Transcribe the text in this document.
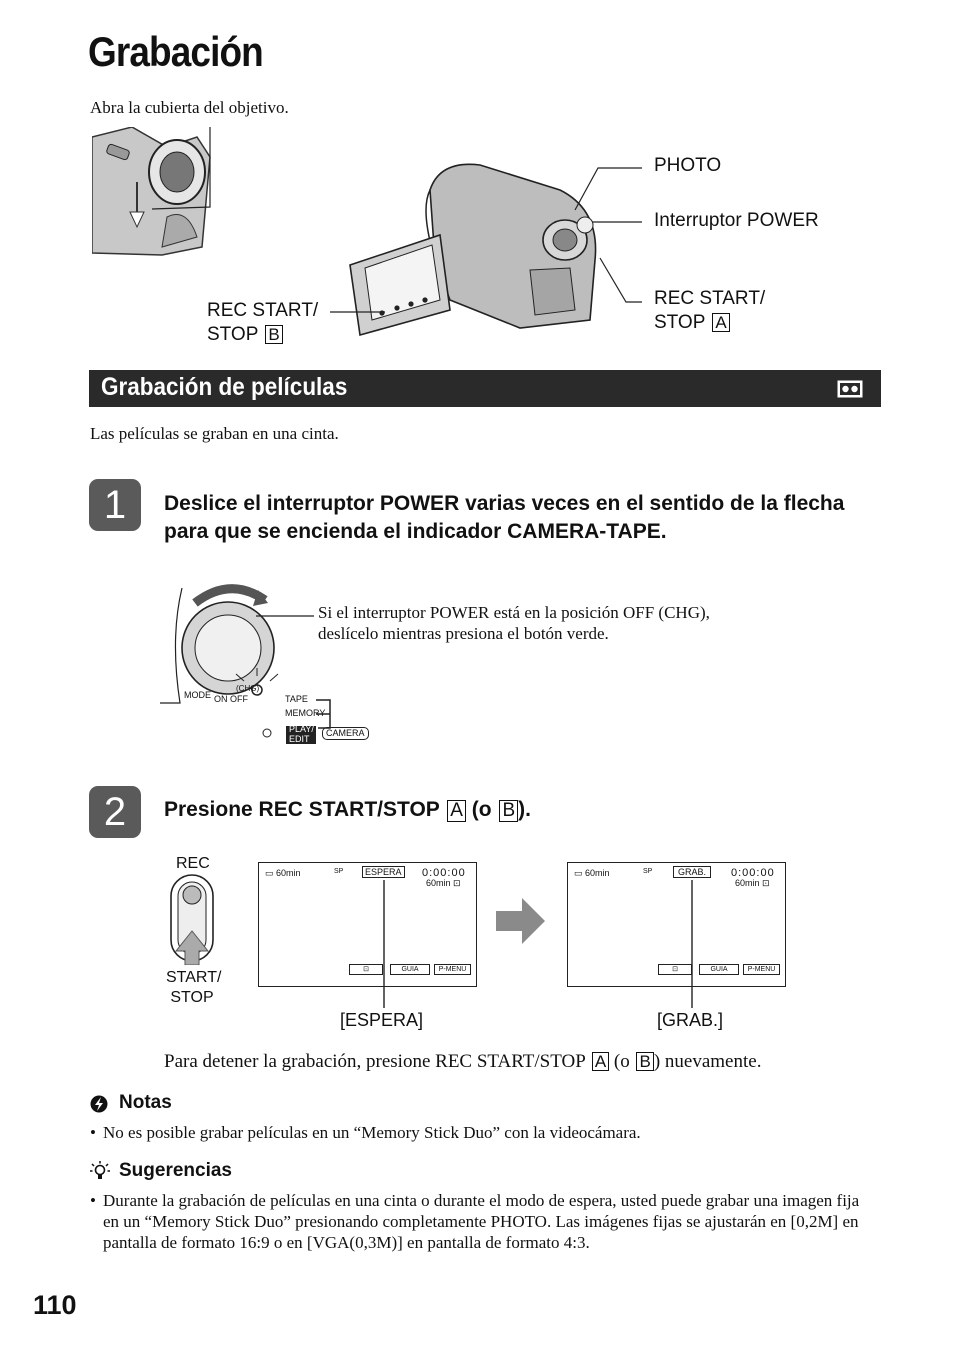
Grabación
Abra la cubierta del objetivo.
PHOTO
Interruptor POWER
REC START/
STOP A
REC START/
STOP B
Grabación de películas
Las películas se graban en una cinta.
1	Deslice el interruptor POWER varias veces en el sentido de la flecha para que se encienda el indicador CAMERA-TAPE.
MODE ON OFF
(CHG)
TAPE
MEMORY
PLAY/
EDIT
CAMERA
Si el interruptor POWER está en la posición OFF (CHG), deslícelo mientras presiona el botón verde.
2	Presione REC START/STOP A (o B ).
REC
START/
STOP
▭ 60min	SP	ESPERA 0:00:00
60min ⊡
⊡	GUIA	P-MENU
▭ 60min	SP	GRAB.	0:00:00
60min ⊡
⊡	GUIA	P-MENU
[ESPERA]	[GRAB.]
Para detener la grabación, presione REC START/STOP A (o B ) nuevamente.
Notas
• No es posible grabar películas en un “Memory Stick Duo” con la videocámara.
Sugerencias
• Durante la grabación de películas en una cinta o durante el modo de espera, usted puede grabar una imagen fija en un “Memory Stick Duo” presionando completamente PHOTO. Las imágenes fijas se ajustarán en [0,2M] en pantalla de formato 16:9 o en [VGA(0,3M)] en pantalla de formato 4:3.
110
